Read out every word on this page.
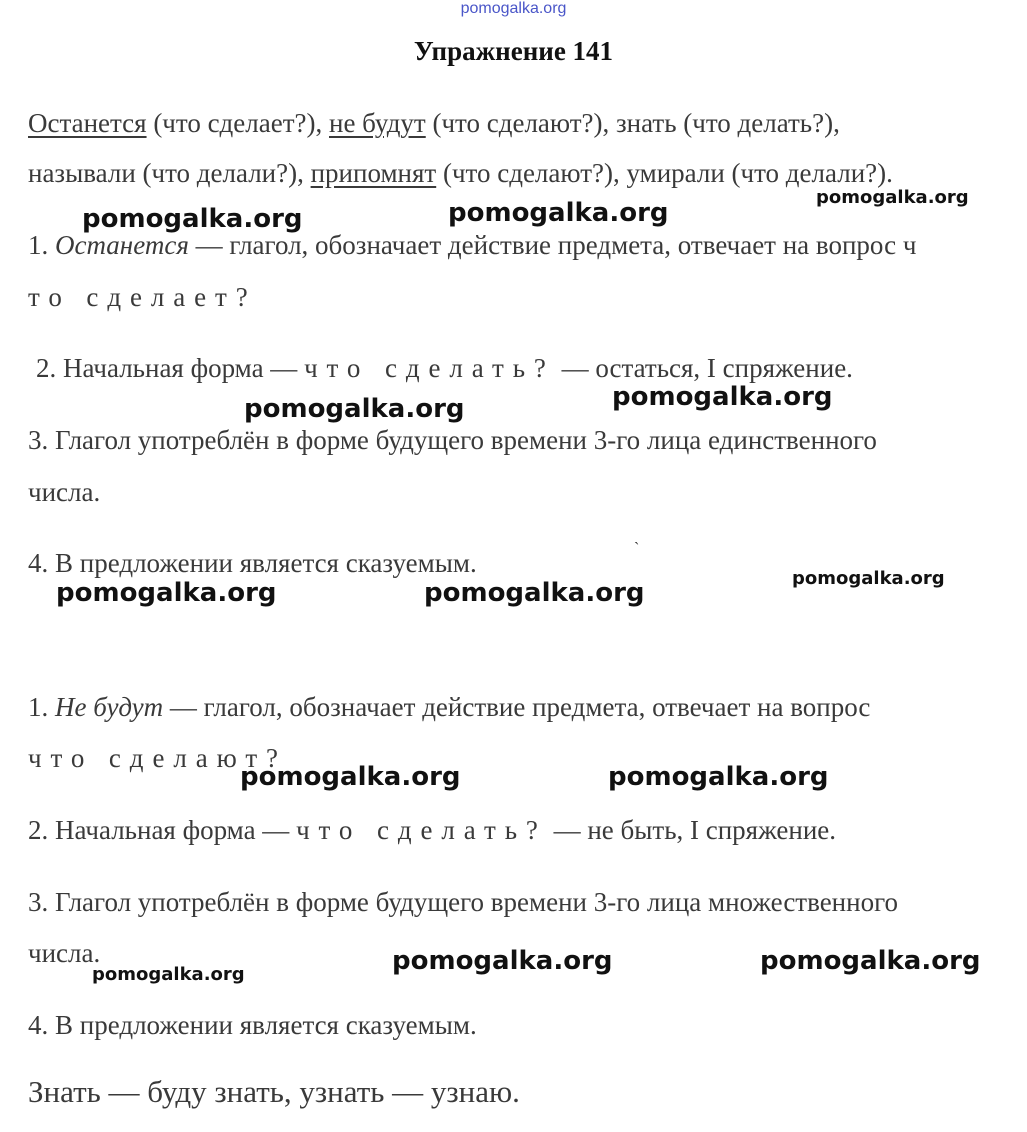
pomogalka.org
Упражнение 141
Останется (что сделает?), не будут (что сделают?), знать (что делать?),
называли (что делали?), припомнят (что сделают?), умирали (что делали?).
1. Останется — глагол, обозначает действие предмета, отвечает на вопрос ч
то сделает?
2. Начальная форма — что сделать? — остаться, I спряжение.
3. Глагол употреблён в форме будущего времени 3-го лица единственного
числа.
4. В предложении является сказуемым.	`
1. Не будут — глагол, обозначает действие предмета, отвечает на вопрос
что сделают?
2. Начальная форма — что сделать? — не быть, I спряжение.
3. Глагол употреблён в форме будущего времени 3-го лица множественного
числа.
4. В предложении является сказуемым.
Знать — буду знать, узнать — узнаю.
pomogalka.org	pomogalka.org
pomogalka.org
pomogalka.org	pomogalka.org
pomogalka.org	pomogalka.org	pomogalka.org
pomogalka.org	pomogalka.org
pomogalka.org	pomogalka.org	pomogalka.org
